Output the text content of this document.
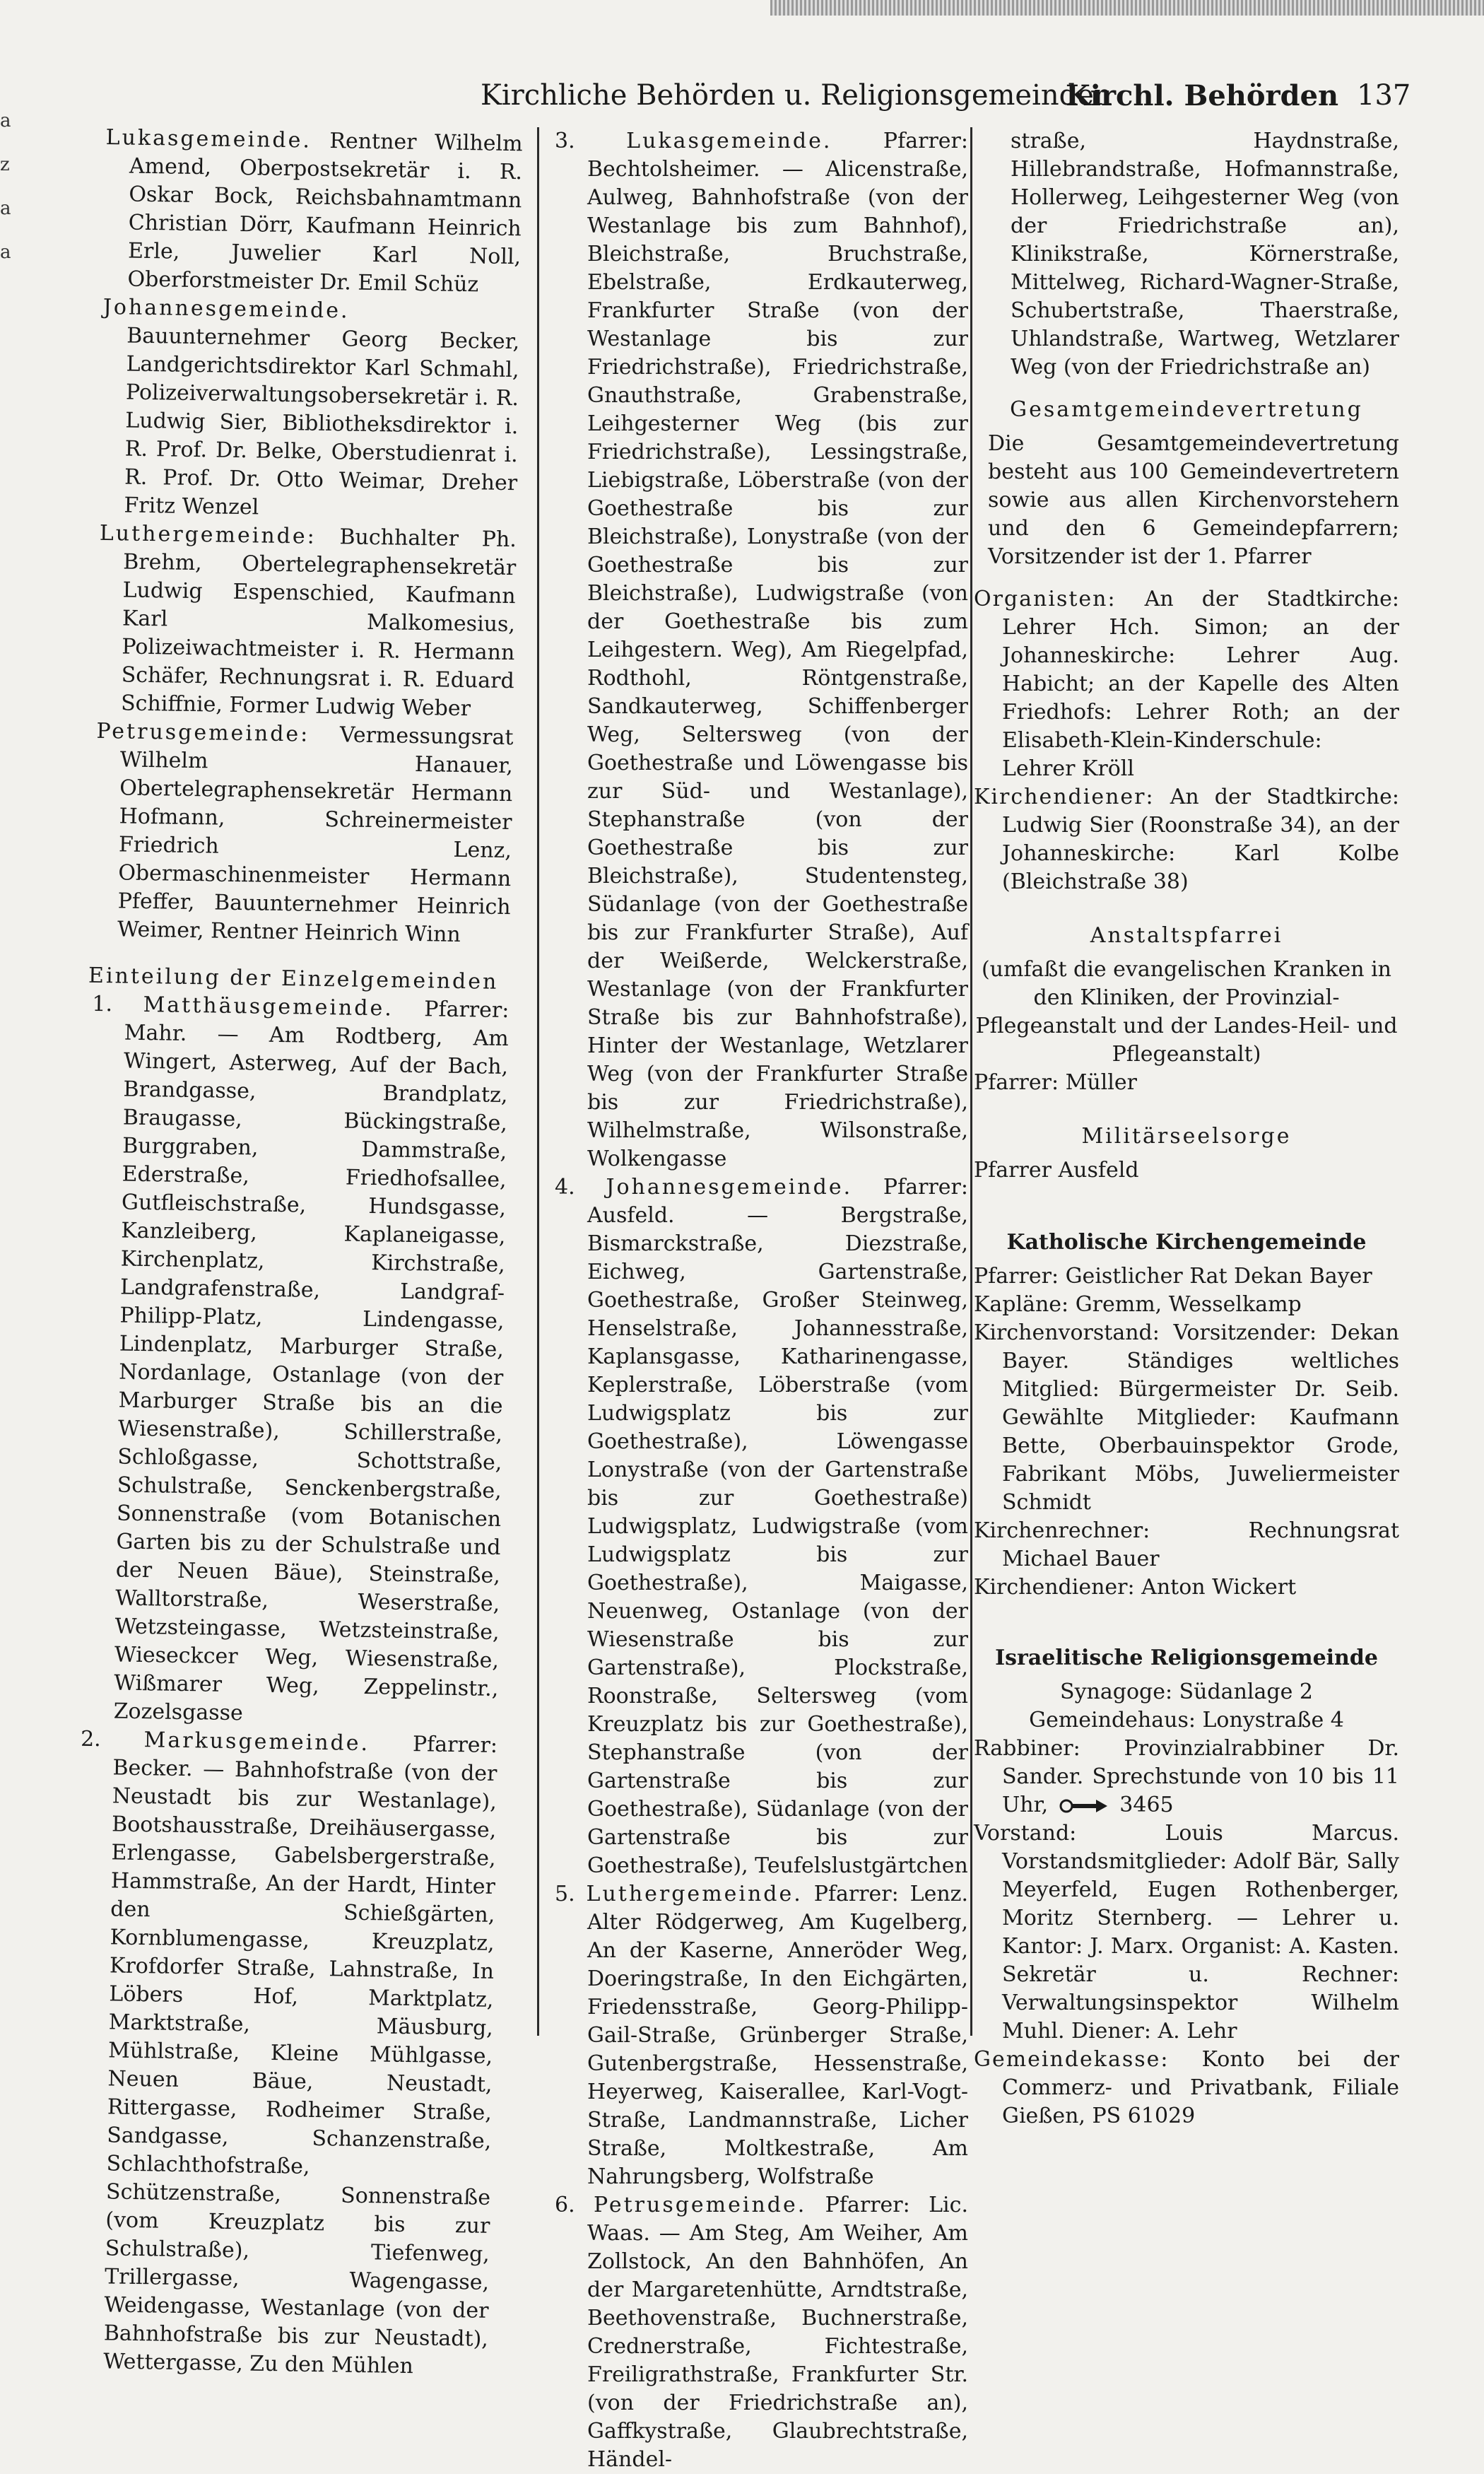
a
z
a
a
Kirchliche Behörden u. Religionsgemeinden
Kirchl. Behörden 137
Lukasgemeinde. Rentner Wilhelm Amend, Oberpostsekretär i. R. Oskar Bock, Reichsbahnamtmann Christian Dörr, Kaufmann Heinrich Erle, Juwelier Karl Noll, Oberforstmeister Dr. Emil Schüz
Johannesgemeinde. Bauunternehmer Georg Becker, Landgerichtsdirektor Karl Schmahl, Polizeiverwaltungsobersekretär i. R. Ludwig Sier, Bibliotheksdirektor i. R. Prof. Dr. Belke, Oberstudienrat i. R. Prof. Dr. Otto Weimar, Dreher Fritz Wenzel
Luthergemeinde: Buchhalter Ph. Brehm, Obertelegraphensekretär Ludwig Espenschied, Kaufmann Karl Malkomesius, Polizeiwachtmeister i. R. Hermann Schäfer, Rechnungsrat i. R. Eduard Schiffnie, Former Ludwig Weber
Petrusgemeinde: Vermessungsrat Wilhelm Hanauer, Obertelegraphensekretär Hermann Hofmann, Schreinermeister Friedrich Lenz, Obermaschinenmeister Hermann Pfeffer, Bauunternehmer Heinrich Weimer, Rentner Heinrich Winn
Einteilung der Einzelgemeinden
1. Matthäusgemeinde. Pfarrer: Mahr. — Am Rodtberg, Am Wingert, Asterweg, Auf der Bach, Brandgasse, Brandplatz, Braugasse, Bückingstraße, Burggraben, Dammstraße, Ederstraße, Friedhofsallee, Gutfleischstraße, Hundsgasse, Kanzleiberg, Kaplaneigasse, Kirchenplatz, Kirchstraße, Landgrafenstraße, Landgraf-Philipp-Platz, Lindengasse, Lindenplatz, Marburger Straße, Nordanlage, Ostanlage (von der Marburger Straße bis an die Wiesenstraße), Schillerstraße, Schloßgasse, Schottstraße, Schulstraße, Senckenbergstraße, Sonnenstraße (vom Botanischen Garten bis zu der Schulstraße und der Neuen Bäue), Steinstraße, Walltorstraße, Weserstraße, Wetzsteingasse, Wetzsteinstraße, Wieseckcer Weg, Wiesenstraße, Wißmarer Weg, Zeppelinstr., Zozelsgasse
2. Markusgemeinde. Pfarrer: Becker. — Bahnhofstraße (von der Neustadt bis zur Westanlage), Bootshausstraße, Dreihäusergasse, Erlengasse, Gabelsbergerstraße, Hammstraße, An der Hardt, Hinter den Schießgärten, Kornblumengasse, Kreuzplatz, Krofdorfer Straße, Lahnstraße, In Löbers Hof, Marktplatz, Marktstraße, Mäusburg, Mühlstraße, Kleine Mühlgasse, Neuen Bäue, Neustadt, Rittergasse, Rodheimer Straße, Sandgasse, Schanzenstraße, Schlachthofstraße, Schützenstraße, Sonnenstraße (vom Kreuzplatz bis zur Schulstraße), Tiefenweg, Trillergasse, Wagengasse, Weidengasse, Westanlage (von der Bahnhofstraße bis zur Neustadt), Wettergasse, Zu den Mühlen
3. Lukasgemeinde. Pfarrer: Bechtolsheimer. — Alicenstraße, Aulweg, Bahnhofstraße (von der Westanlage bis zum Bahnhof), Bleichstraße, Bruchstraße, Ebelstraße, Erdkauterweg, Frankfurter Straße (von der Westanlage bis zur Friedrichstraße), Friedrichstraße, Gnauthstraße, Grabenstraße, Leihgesterner Weg (bis zur Friedrichstraße), Lessingstraße, Liebigstraße, Löberstraße (von der Goethestraße bis zur Bleichstraße), Lonystraße (von der Goethestraße bis zur Bleichstraße), Ludwigstraße (von der Goethestraße bis zum Leihgestern. Weg), Am Riegelpfad, Rodthohl, Röntgenstraße, Sandkauterweg, Schiffenberger Weg, Seltersweg (von der Goethestraße und Löwengasse bis zur Süd- und Westanlage), Stephanstraße (von der Goethestraße bis zur Bleichstraße), Studentensteg, Südanlage (von der Goethestraße bis zur Frankfurter Straße), Auf der Weißerde, Welckerstraße, Westanlage (von der Frankfurter Straße bis zur Bahnhofstraße), Hinter der Westanlage, Wetzlarer Weg (von der Frankfurter Straße bis zur Friedrichstraße), Wilhelmstraße, Wilsonstraße, Wolkengasse
4. Johannesgemeinde. Pfarrer: Ausfeld. — Bergstraße, Bismarckstraße, Diezstraße, Eichweg, Gartenstraße, Goethestraße, Großer Steinweg, Henselstraße, Johannesstraße, Kaplansgasse, Katharinengasse, Keplerstraße, Löberstraße (vom Ludwigsplatz bis zur Goethestraße), Löwengasse Lonystraße (von der Gartenstraße bis zur Goethestraße) Ludwigsplatz, Ludwigstraße (vom Ludwigsplatz bis zur Goethestraße), Maigasse, Neuenweg, Ostanlage (von der Wiesenstraße bis zur Gartenstraße), Plockstraße, Roonstraße, Seltersweg (vom Kreuzplatz bis zur Goethestraße), Stephanstraße (von der Gartenstraße bis zur Goethestraße), Südanlage (von der Gartenstraße bis zur Goethestraße), Teufelslustgärtchen
5. Luthergemeinde. Pfarrer: Lenz. Alter Rödgerweg, Am Kugelberg, An der Kaserne, Anneröder Weg, Doeringstraße, In den Eichgärten, Friedensstraße, Georg-Philipp-Gail-Straße, Grünberger Straße, Gutenbergstraße, Hessenstraße, Heyerweg, Kaiserallee, Karl-Vogt-Straße, Landmannstraße, Licher Straße, Moltkestraße, Am Nahrungsberg, Wolfstraße
6. Petrusgemeinde. Pfarrer: Lic. Waas. — Am Steg, Am Weiher, Am Zollstock, An den Bahnhöfen, An der Margaretenhütte, Arndtstraße, Beethovenstraße, Buchnerstraße, Crednerstraße, Fichtestraße, Freiligrathstraße, Frankfurter Str. (von der Friedrichstraße an), Gaffkystraße, Glaubrechtstraße, Händel-
straße, Haydnstraße, Hillebrandstraße, Hofmannstraße, Hollerweg, Leihgesterner Weg (von der Friedrichstraße an), Klinikstraße, Körnerstraße, Mittelweg, Richard-Wagner-Straße, Schubertstraße, Thaerstraße, Uhlandstraße, Wartweg, Wetzlarer Weg (von der Friedrichstraße an)
Gesamtgemeindevertretung
Die Gesamtgemeindevertretung besteht aus 100 Gemeindevertretern sowie aus allen Kirchenvorstehern und den 6 Gemeindepfarrern; Vorsitzender ist der 1. Pfarrer
Organisten: An der Stadtkirche: Lehrer Hch. Simon; an der Johanneskirche: Lehrer Aug. Habicht; an der Kapelle des Alten Friedhofs: Lehrer Roth; an der Elisabeth-Klein-Kinderschule: Lehrer Kröll
Kirchendiener: An der Stadtkirche: Ludwig Sier (Roonstraße 34), an der Johanneskirche: Karl Kolbe (Bleichstraße 38)
Anstaltspfarrei
(umfaßt die evangelischen Kranken in den Kliniken, der Provinzial-Pflegeanstalt und der Landes-Heil- und Pflegeanstalt)
Pfarrer: Müller
Militärseelsorge
Pfarrer Ausfeld
Katholische Kirchengemeinde
Pfarrer: Geistlicher Rat Dekan Bayer
Kapläne: Gremm, Wesselkamp
Kirchenvorstand: Vorsitzender: Dekan Bayer. Ständiges weltliches Mitglied: Bürgermeister Dr. Seib. Gewählte Mitglieder: Kaufmann Bette, Oberbauinspektor Grode, Fabrikant Möbs, Juweliermeister Schmidt
Kirchenrechner: Rechnungsrat Michael Bauer
Kirchendiener: Anton Wickert
Israelitische Religionsgemeinde
Synagoge: Südanlage 2
Gemeindehaus: Lonystraße 4
Rabbiner: Provinzialrabbiner Dr. Sander. Sprechstunde von 10 bis 11 Uhr,	3465
Vorstand: Louis Marcus. Vorstandsmitglieder: Adolf Bär, Sally Meyerfeld, Eugen Rothenberger, Moritz Sternberg. — Lehrer u. Kantor: J. Marx. Organist: A. Kasten. Sekretär u. Rechner: Verwaltungsinspektor Wilhelm Muhl. Diener: A. Lehr
Gemeindekasse: Konto bei der Commerz- und Privatbank, Filiale Gießen, PS 61029
